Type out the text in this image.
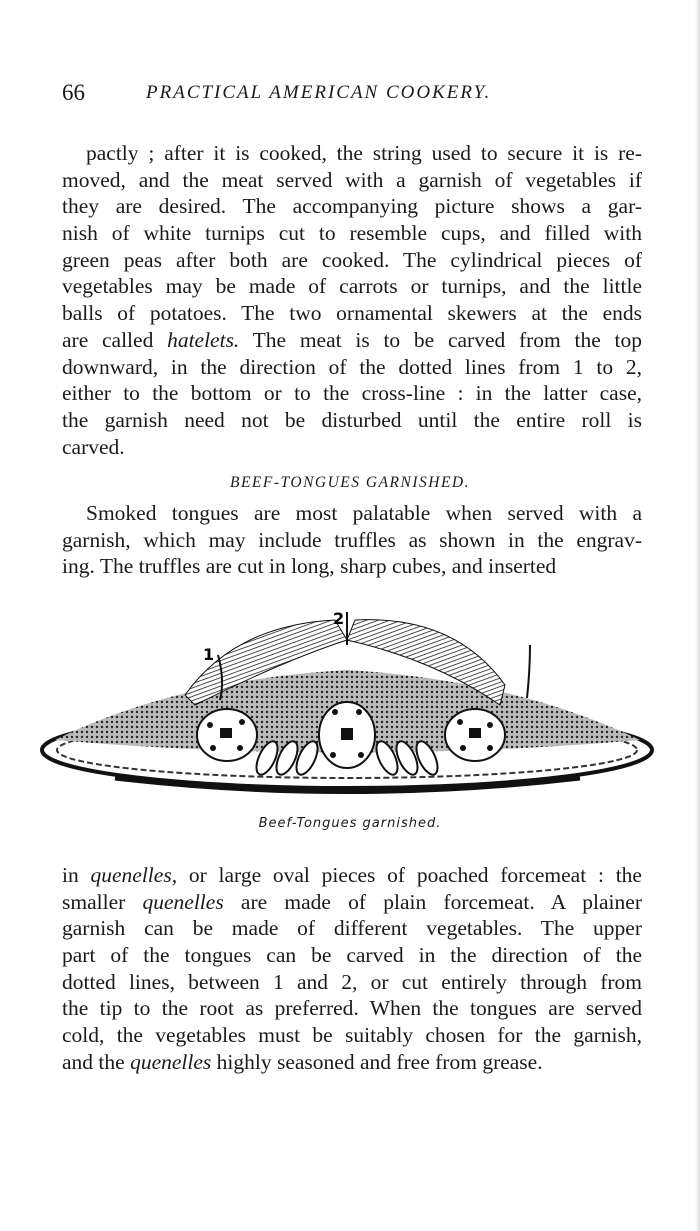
66	PRACTICAL AMERICAN COOKERY.
pactly ; after it is cooked, the string used to secure it is re-
moved, and the meat served with a garnish of vegetables if
they are desired. The accompanying picture shows a gar-
nish of white turnips cut to resemble cups, and filled with
green peas after both are cooked. The cylindrical pieces of
vegetables may be made of carrots or turnips, and the little
balls of potatoes. The two ornamental skewers at the ends
are called hatelets. The meat is to be carved from the top
downward, in the direction of the dotted lines from 1 to 2,
either to the bottom or to the cross-line : in the latter case,
the garnish need not be disturbed until the entire roll is
carved.
BEEF-TONGUES GARNISHED.
Smoked tongues are most palatable when served with a
garnish, which may include truffles as shown in the engrav-
ing. The truffles are cut in long, sharp cubes, and inserted
1
2
1
Beef-Tongues garnished.
in quenelles, or large oval pieces of poached forcemeat : the
smaller quenelles are made of plain forcemeat. A plainer
garnish can be made of different vegetables. The upper
part of the tongues can be carved in the direction of the
dotted lines, between 1 and 2, or cut entirely through from
the tip to the root as preferred. When the tongues are served
cold, the vegetables must be suitably chosen for the garnish,
and the quenelles highly seasoned and free from grease.
